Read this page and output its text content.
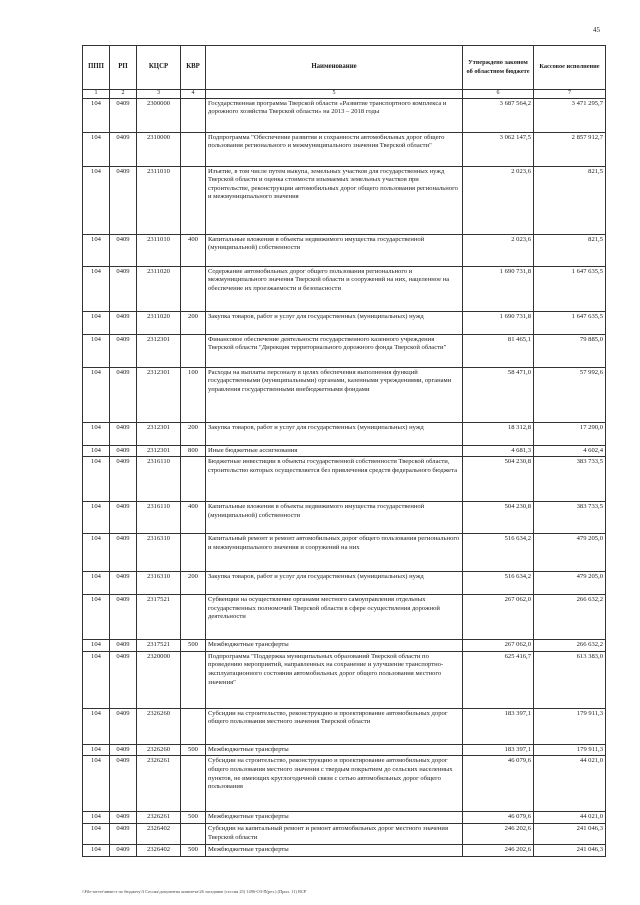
45
ППП	РП	КЦСР	КВР	Наименование	Утверждено законом об областном бюджете	Кассовое исполнение
1	2	3	4	5	6	7
104	0409	2300000		Государственная программа Тверской области «Развитие транспортного комплекса и дорожного хозяйства Тверской области» на 2013 – 2018 годы	3 687 564,2	3 471 295,7
104	0409	2310000		Подпрограмма "Обеспечение развития и сохранности автомобильных дорог общего пользования регионального и межмуниципального значения Тверской области"	3 062 147,5	2 857 912,7
104	0409	2311010		Изъятие, в том числе путем выкупа, земельных участков для государственных нужд Тверской области и оценка стоимости изымаемых земельных участков при строительстве, реконструкции автомобильных дорог общего пользования регионального и межмуниципального значения	2 023,6	821,5
104	0409	2311010	400	Капитальные вложения в объекты недвижимого имущества государственной (муниципальной) собственности	2 023,6	821,5
104	0409	2311020		Содержание автомобильных дорог общего пользования регионального и межмуниципального значения Тверской области и сооружений на них, нацеленное на обеспечение их проезжаемости и безопасности	1 690 731,8	1 647 635,5
104	0409	2311020	200	Закупка товаров, работ и услуг для государственных (муниципальных) нужд	1 690 731,8	1 647 635,5
104	0409	2312301		Финансовое обеспечение деятельности государственного казенного учреждения Тверской области "Дирекция территориального дорожного фонда Тверской области"	81 465,1	79 885,0
104	0409	2312301	100	Расходы на выплаты персоналу в целях обеспечения выполнения функций государственными (муниципальными) органами, казенными учреждениями, органами управления государственными внебюджетными фондами	58 471,0	57 992,6
104	0409	2312301	200	Закупка товаров, работ и услуг для государственных (муниципальных) нужд	18 312,8	17 290,0
104	0409	2312301	800	Иные бюджетные ассигнования	4 681,3	4 602,4
104	0409	2316110		Бюджетные инвестиции в объекты государственной собственности Тверской области, строительство которых осуществляется без привлечения средств федерального бюджета	504 230,8	383 733,5
104	0409	2316110	400	Капитальные вложения в объекты недвижимого имущества государственной (муниципальной) собственности	504 230,8	383 733,5
104	0409	2316310		Капитальный ремонт и ремонт автомобильных дорог общего пользования регионального и межмуниципального значения и сооружений на них	516 634,2	479 205,0
104	0409	2316310	200	Закупка товаров, работ и услуг для государственных (муниципальных) нужд	516 634,2	479 205,0
104	0409	2317521		Субвенции на осуществление органами местного самоуправления отдельных государственных полномочий Тверской области в сфере осуществления дорожной деятельности	267 062,0	266 632,2
104	0409	2317521	500	Межбюджетные трансферты	267 062,0	266 632,2
104	0409	2320000		Подпрограмма "Поддержка муниципальных образований Тверской области по проведению мероприятий, направленных на сохранение и улучшение транспортно-эксплуатационного состояния автомобильных дорог общего пользования местного значения"	625 416,7	613 383,0
104	0409	2326260		Субсидии на строительство, реконструкцию и проектирование автомобильных дорог общего пользования местного значения Тверской области	183 397,1	179 911,3
104	0409	2326260	500	Межбюджетные трансферты	183 397,1	179 911,3
104	0409	2326261		Субсидии на строительство, реконструкцию и проектирование автомобильных дорог общего пользования местного значения с твердым покрытием до сельских населенных пунктов, не имеющих круглогодичной связи с сетью автомобильных дорог общего пользования	46 079,6	44 021,0
104	0409	2326261	500	Межбюджетные трансферты	46 079,6	44 021,0
104	0409	2326402		Субсидии на капитальный ремонт и ремонт автомобильных дорог местного значения Тверской области	246 202,6	241 046,3
104	0409	2326402	500	Межбюджетные трансферты	246 202,6	241 046,3
\\File-server\инвест по бюджету\3 Сессия\документы комитета\26 заседание (сессия 25) 1496-ОЗ-П(рез.) (Прил. 11) ВСР
